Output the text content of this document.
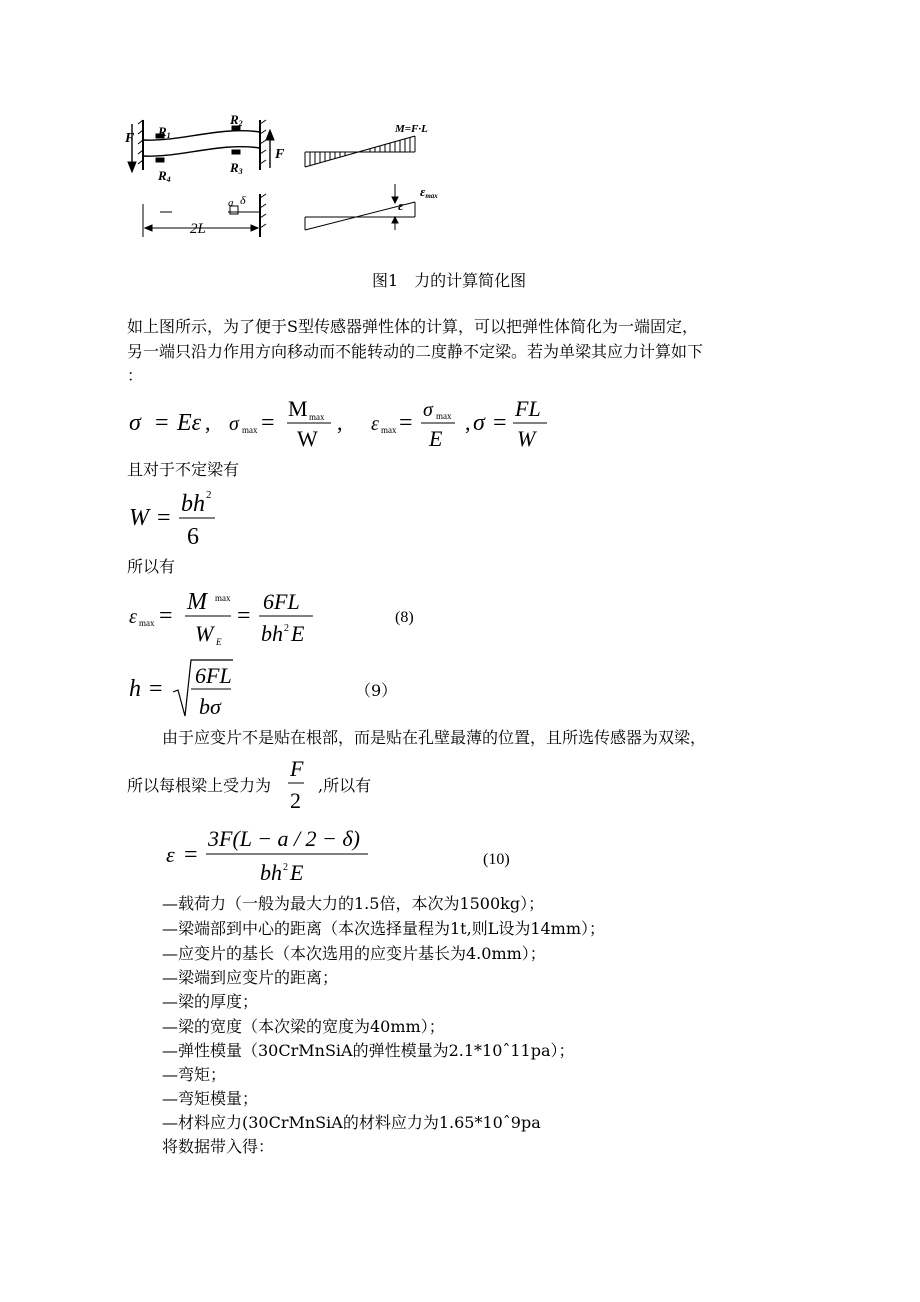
F
F
R1
R2
R3
R4
a δ
2L
M=F·L
ε
εmax
图1　力的计算简化图
如上图所示，为了便于S型传感器弹性体的计算，可以把弹性体简化为一端固定，
另一端只沿力作用方向移动而不能转动的二度静不定梁。若为单梁其应力计算如下
：
σ = Eε , σ max =
M max
W
, ε max = σ max
E
, σ =
FL
W
且对于不定梁有
W =
bh 2
6
所以有
ε max =
M max
W E
=
6FL
bh 2 E
(8)
h =
6FL
bσ
（9）
由于应变片不是贴在根部，而是贴在孔壁最薄的位置，且所选传感器为双梁，
所以每根梁上受力为
F
2
,所以有
ε =
3F(L − a / 2 − δ)
bh 2 E
(10)
—载荷力（一般为最大力的1.5倍，本次为1500kg）；
—梁端部到中心的距离（本次选择量程为1t,则L设为14mm）；
—应变片的基长（本次选用的应变片基长为4.0mm）；
—梁端到应变片的距离；
—梁的厚度；
—梁的宽度（本次梁的宽度为40mm）；
—弹性模量（30CrMnSiA的弹性模量为2.1*10ˆ11pa）；
—弯矩；
—弯矩模量；
—材料应力(30CrMnSiA的材料应力为1.65*10ˆ9pa
将数据带入得：
